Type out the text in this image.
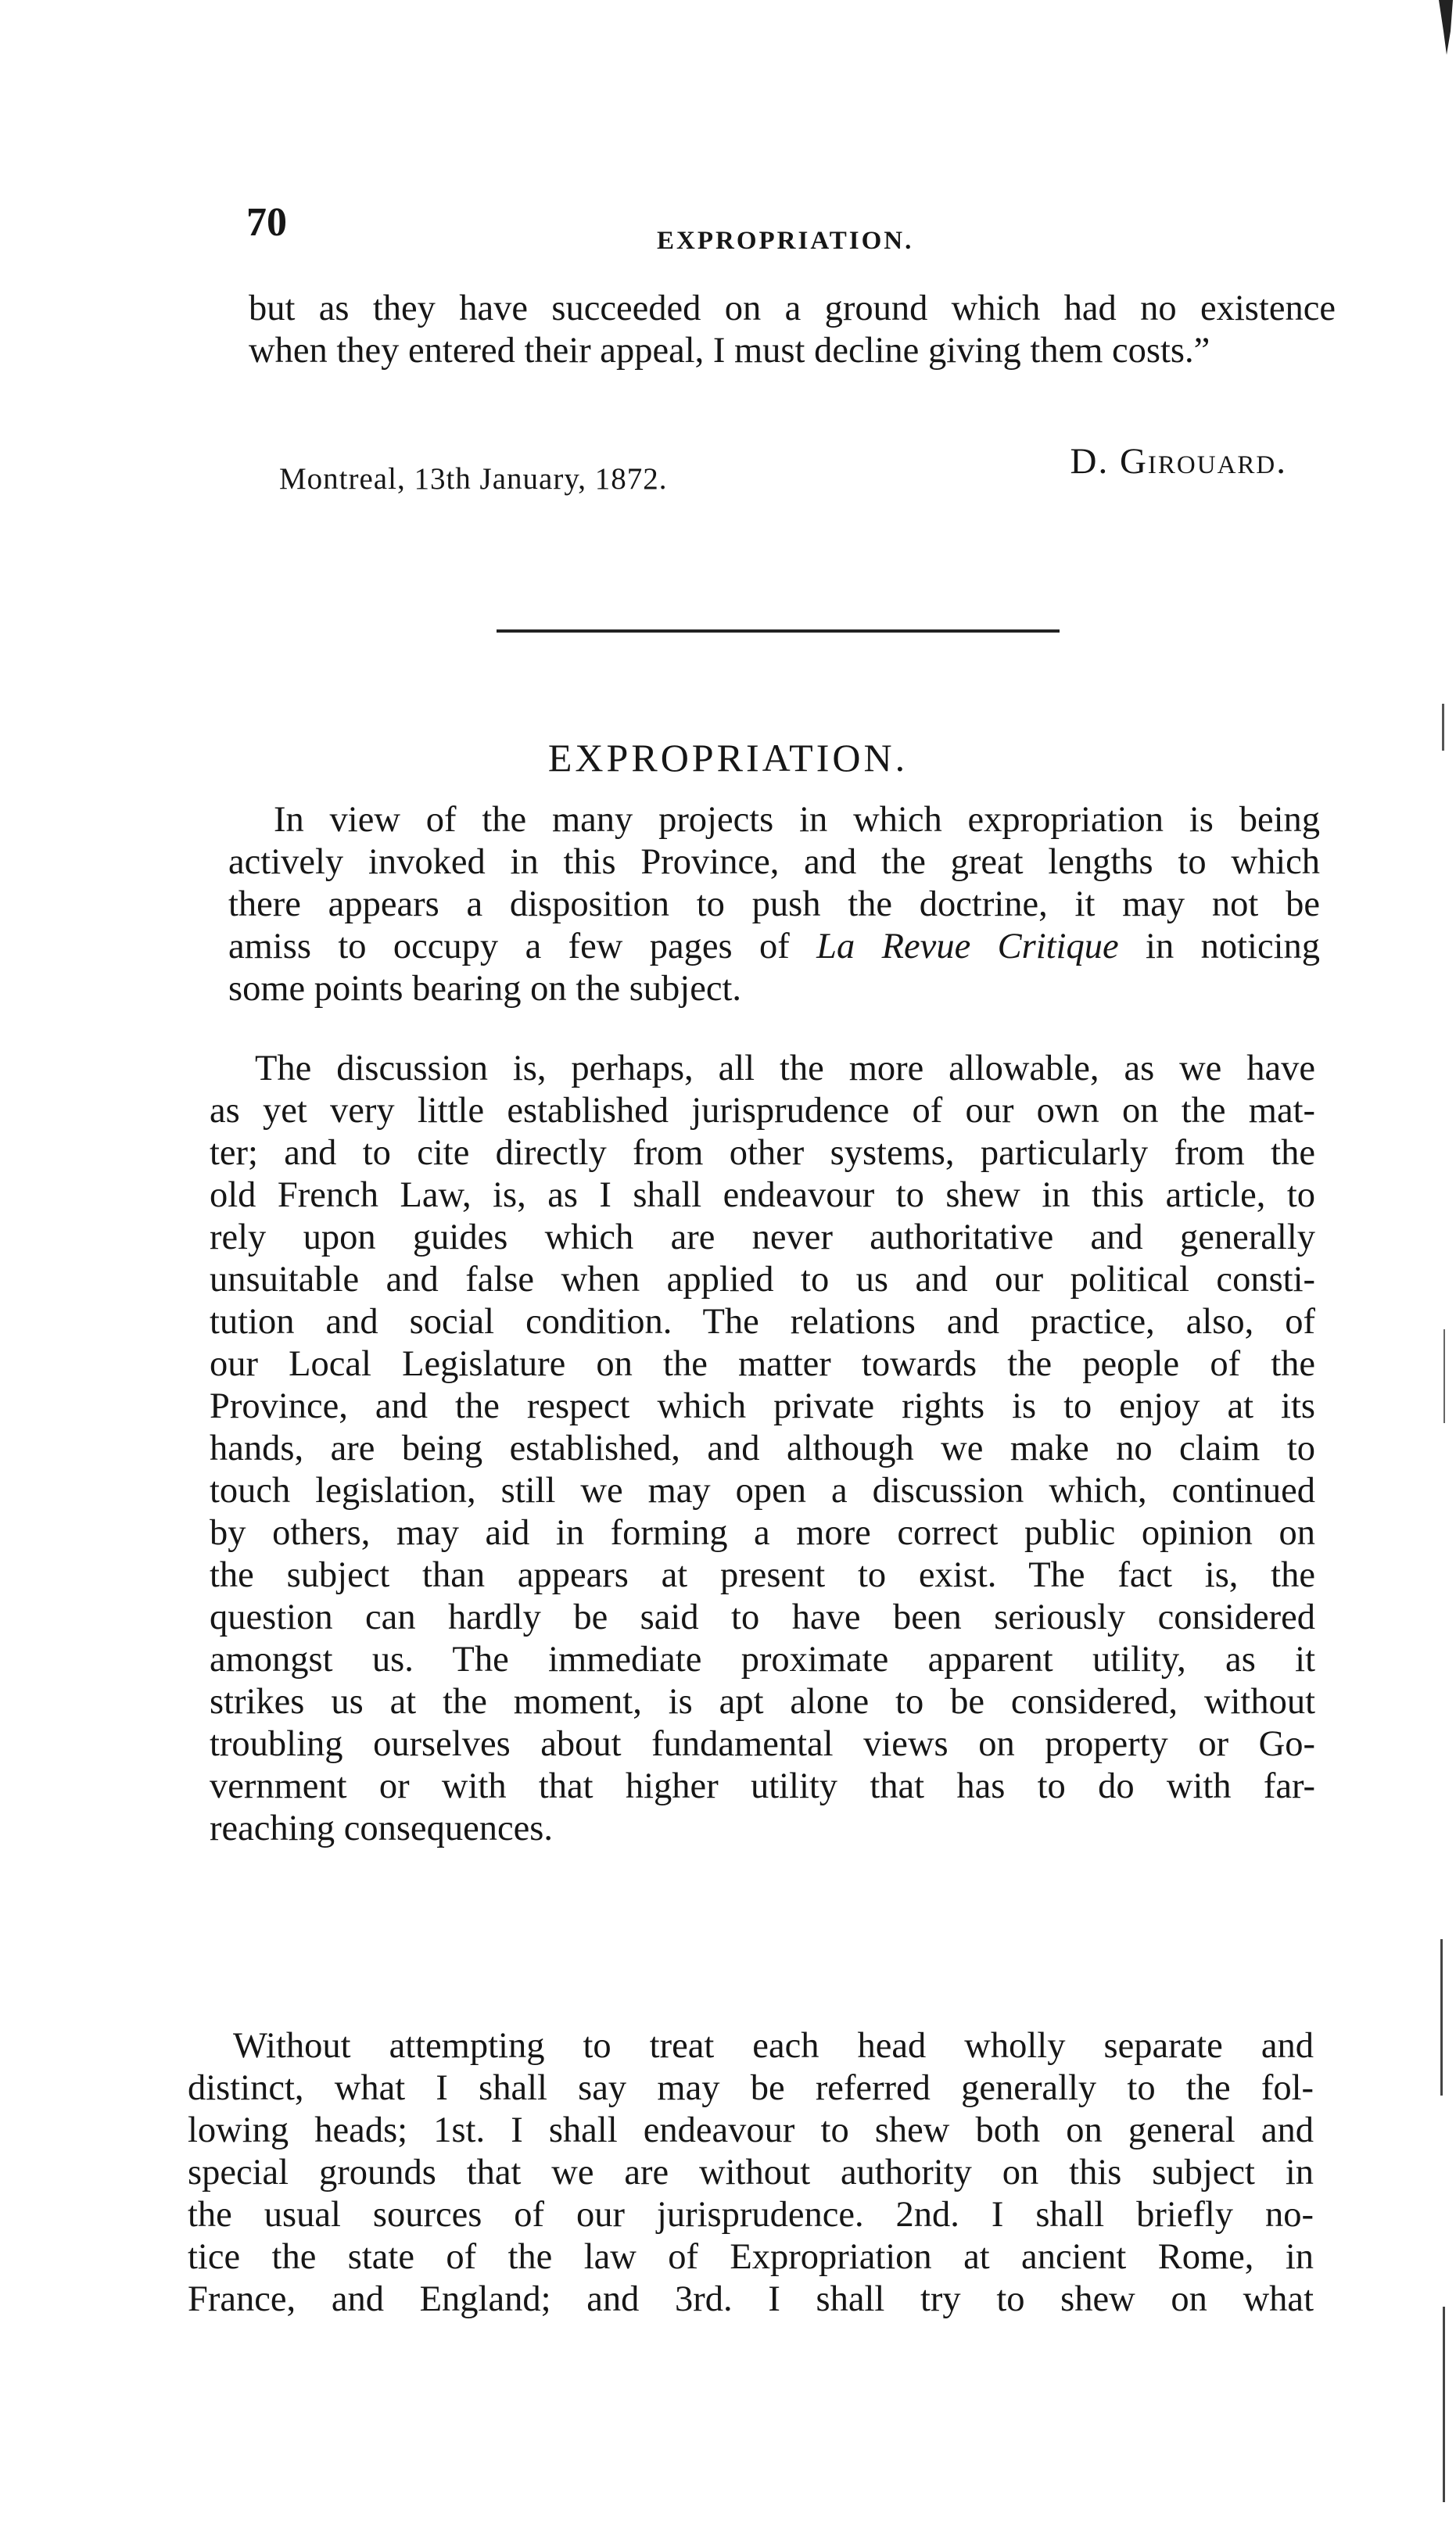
70	EXPROPRIATION.
but as they have succeeded on a ground which had no existence
when they entered their appeal, I must decline giving them costs.”
D. Girouard.
Montreal, 13th January, 1872.
EXPROPRIATION.
In view of the many projects in which expropriation is being
actively invoked in this Province, and the great lengths to which
there appears a disposition to push the doctrine, it may not be
amiss to occupy a few pages of La Revue Critique in noticing
some points bearing on the subject.
The discussion is, perhaps, all the more allowable, as we have
as yet very little established jurisprudence of our own on the mat-
ter; and to cite directly from other systems, particularly from the
old French Law, is, as I shall endeavour to shew in this article, to
rely upon guides which are never authoritative and generally
unsuitable and false when applied to us and our political consti-
tution and social condition. The relations and practice, also, of
our Local Legislature on the matter towards the people of the
Province, and the respect which private rights is to enjoy at its
hands, are being established, and although we make no claim to
touch legislation, still we may open a discussion which, continued
by others, may aid in forming a more correct public opinion on
the subject than appears at present to exist. The fact is, the
question can hardly be said to have been seriously considered
amongst us. The immediate proximate apparent utility, as it
strikes us at the moment, is apt alone to be considered, without
troubling ourselves about fundamental views on property or Go-
vernment or with that higher utility that has to do with far-
reaching consequences.
Without attempting to treat each head wholly separate and
distinct, what I shall say may be referred generally to the fol-
lowing heads; 1st. I shall endeavour to shew both on general and
special grounds that we are without authority on this subject in
the usual sources of our jurisprudence. 2nd. I shall briefly no-
tice the state of the law of Expropriation at ancient Rome, in
France, and England; and 3rd. I shall try to shew on what
